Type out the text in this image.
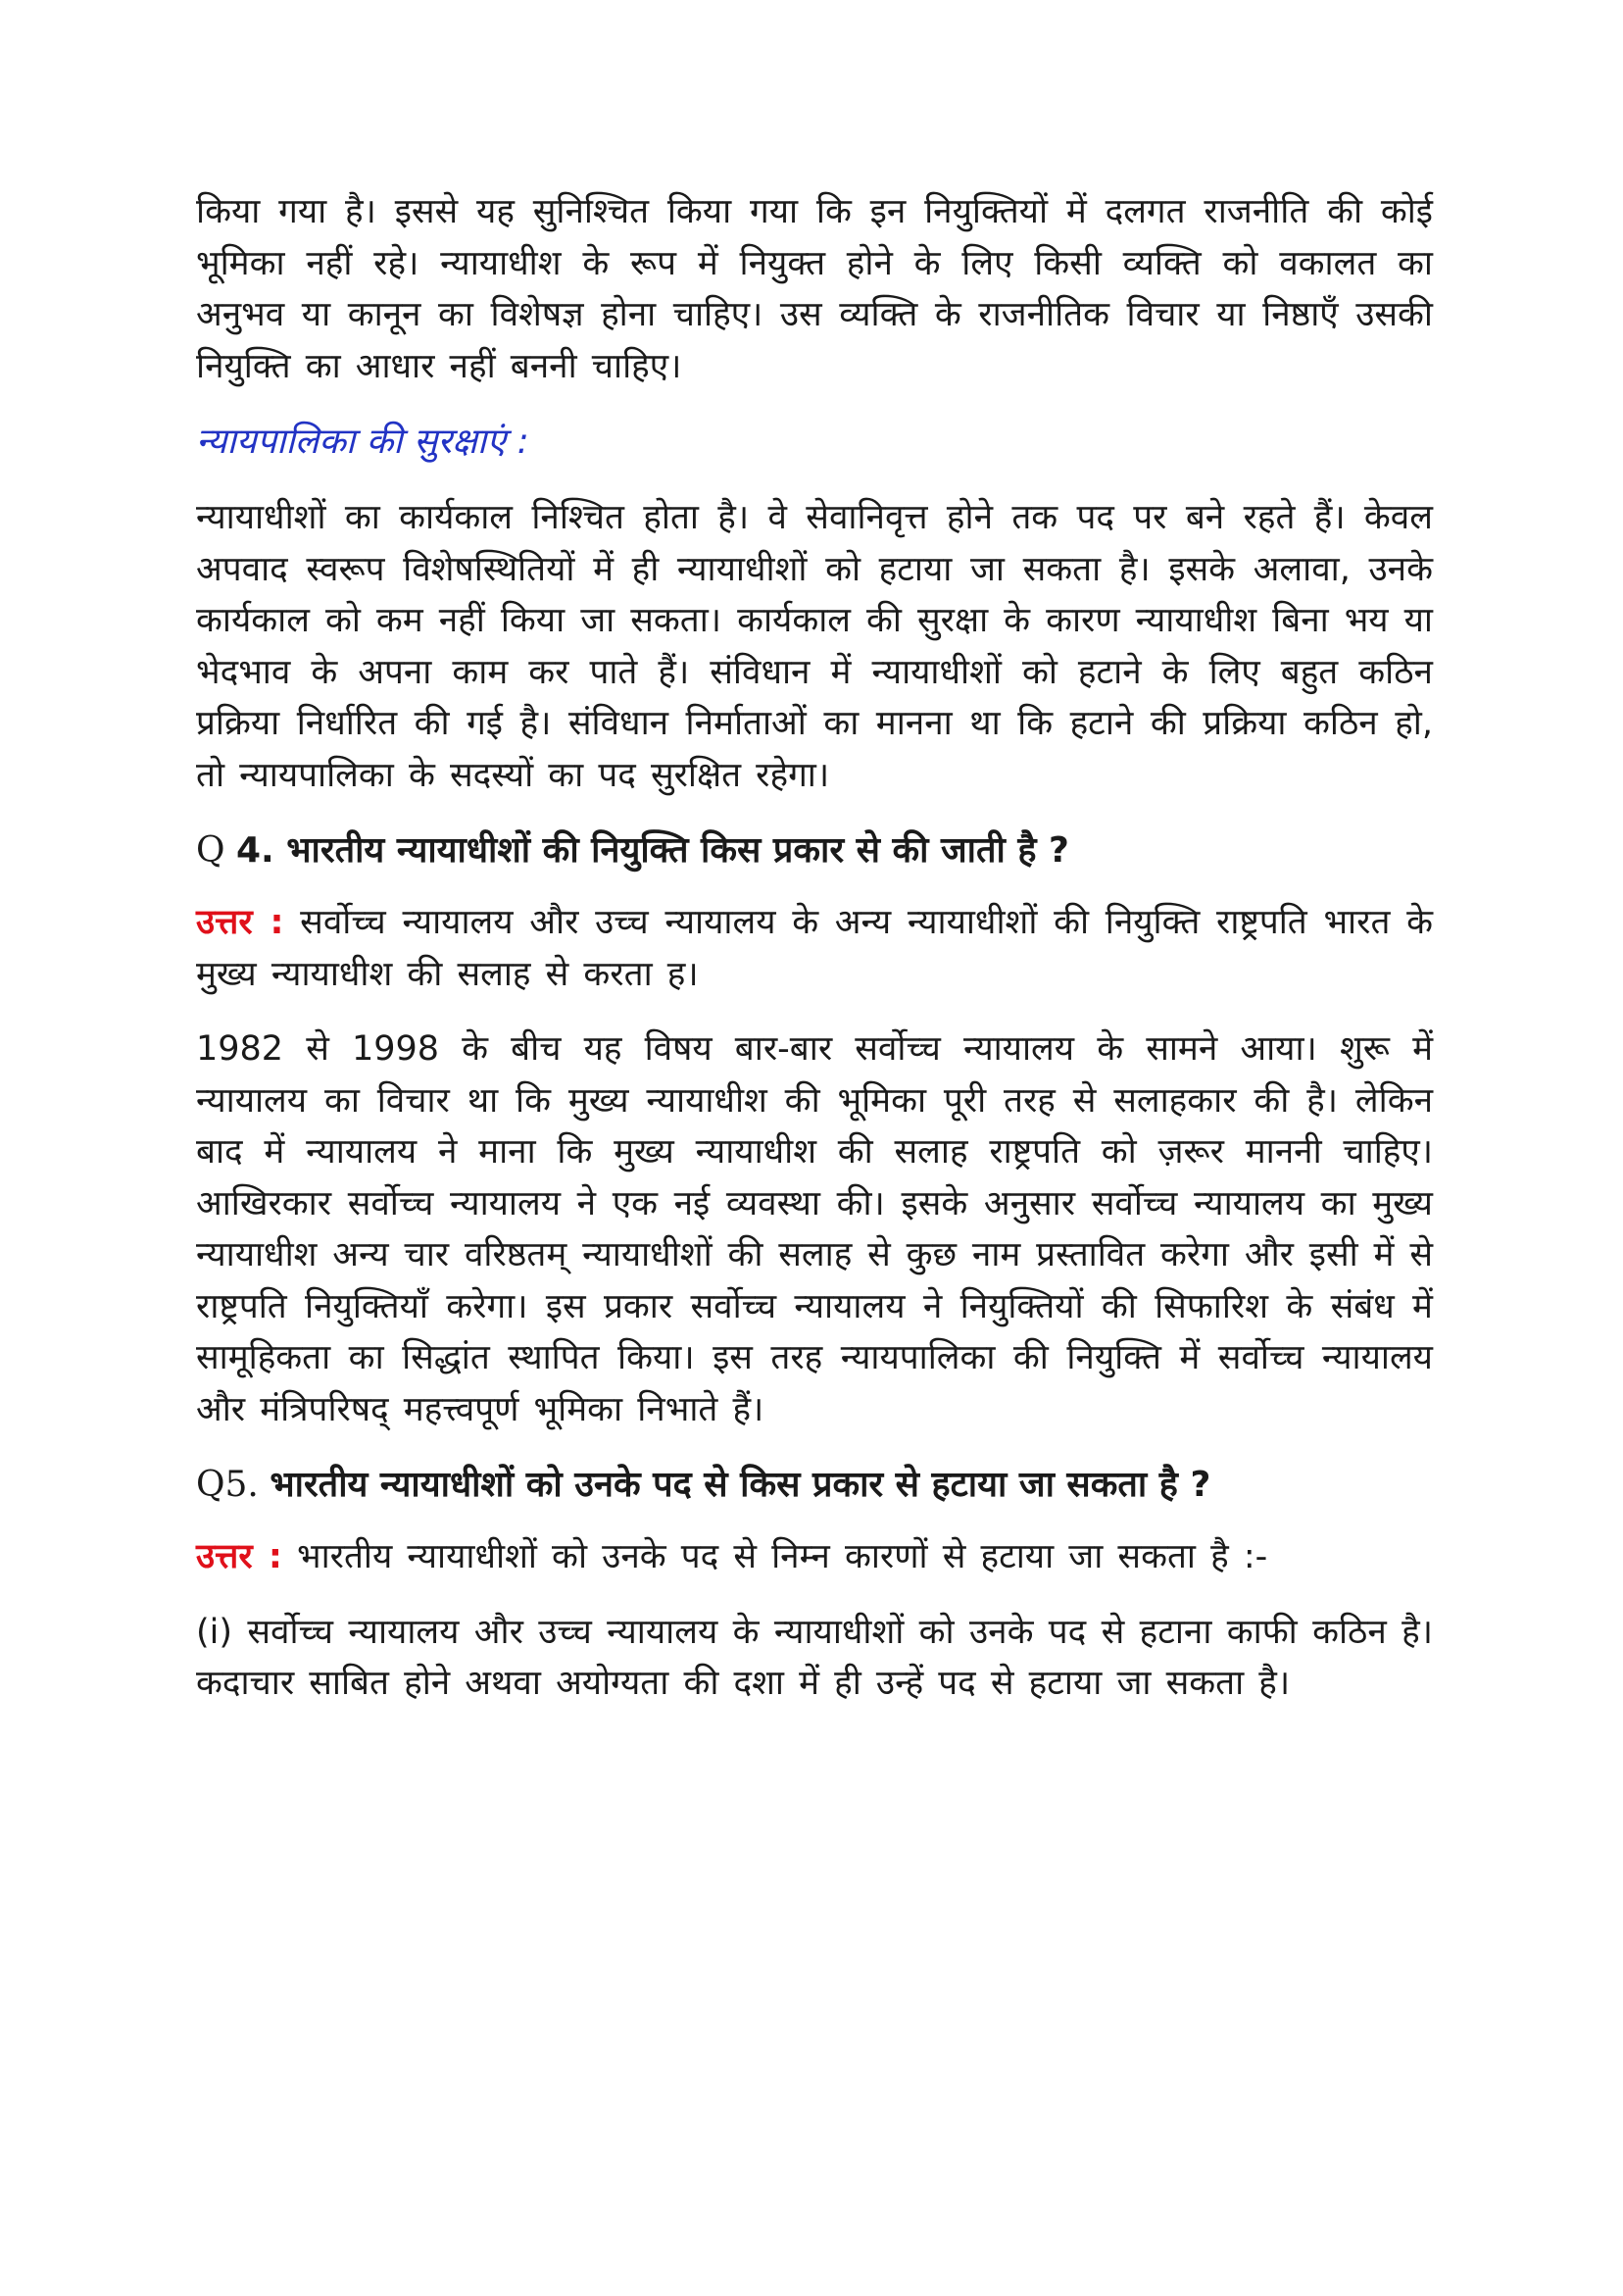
किया गया है। इससे यह सुनिश्चित किया गया कि इन नियुक्तियों में दलगत राजनीति की कोई भूमिका नहीं रहे। न्यायाधीश के रूप में नियुक्त होने के लिए किसी व्यक्ति को वकालत का अनुभव या कानून का विशेषज्ञ होना चाहिए। उस व्यक्ति के राजनीतिक विचार या निष्ठाएँ उसकी नियुक्ति का आधार नहीं बननी चाहिए।

न्यायपालिका की सुरक्षाएं :

न्यायाधीशों का कार्यकाल निश्चित होता है। वे सेवानिवृत्त होने तक पद पर बने रहते हैं। केवल अपवाद स्वरूप विशेषस्थितियों में ही न्यायाधीशों को हटाया जा सकता है। इसके अलावा, उनके कार्यकाल को कम नहीं किया जा सकता। कार्यकाल की सुरक्षा के कारण न्यायाधीश बिना भय या भेदभाव के अपना काम कर पाते हैं। संविधान में न्यायाधीशों को हटाने के लिए बहुत कठिन प्रक्रिया निर्धारित की गई है। संविधान निर्माताओं का मानना था कि हटाने की प्रक्रिया कठिन हो, तो न्यायपालिका के सदस्यों का पद सुरक्षित रहेगा।

Q 4. भारतीय न्यायाधीशों की नियुक्ति किस प्रकार से की जाती है ?

उत्तर : सर्वोच्च न्यायालय और उच्च न्यायालय के अन्य न्यायाधीशों की नियुक्ति राष्ट्रपति भारत के मुख्य न्यायाधीश की सलाह से करता ह।

1982 से 1998 के बीच यह विषय बार-बार सर्वोच्च न्यायालय के सामने आया। शुरू में न्यायालय का विचार था कि मुख्य न्यायाधीश की भूमिका पूरी तरह से सलाहकार की है। लेकिन बाद में न्यायालय ने माना कि मुख्य न्यायाधीश की सलाह राष्ट्रपति को ज़रूर माननी चाहिए। आखिरकार सर्वोच्च न्यायालय ने एक नई व्यवस्था की। इसके अनुसार सर्वोच्च न्यायालय का मुख्य न्यायाधीश अन्य चार वरिष्ठतम् न्यायाधीशों की सलाह से कुछ नाम प्रस्तावित करेगा और इसी में से राष्ट्रपति नियुक्तियाँ करेगा। इस प्रकार सर्वोच्च न्यायालय ने नियुक्तियों की सिफारिश के संबंध में सामूहिकता का सिद्धांत स्थापित किया। इस तरह न्यायपालिका की नियुक्ति में सर्वोच्च न्यायालय और मंत्रिपरिषद् महत्त्वपूर्ण भूमिका निभाते हैं।

Q5. भारतीय न्यायाधीशों को उनके पद से किस प्रकार से हटाया जा सकता है ?

उत्तर : भारतीय न्यायाधीशों को उनके पद से निम्न कारणों से हटाया जा सकता है :-

(i) सर्वोच्च न्यायालय और उच्च न्यायालय के न्यायाधीशों को उनके पद से हटाना काफी कठिन है। कदाचार साबित होने अथवा अयोग्यता की दशा में ही उन्हें पद से हटाया जा सकता है।
